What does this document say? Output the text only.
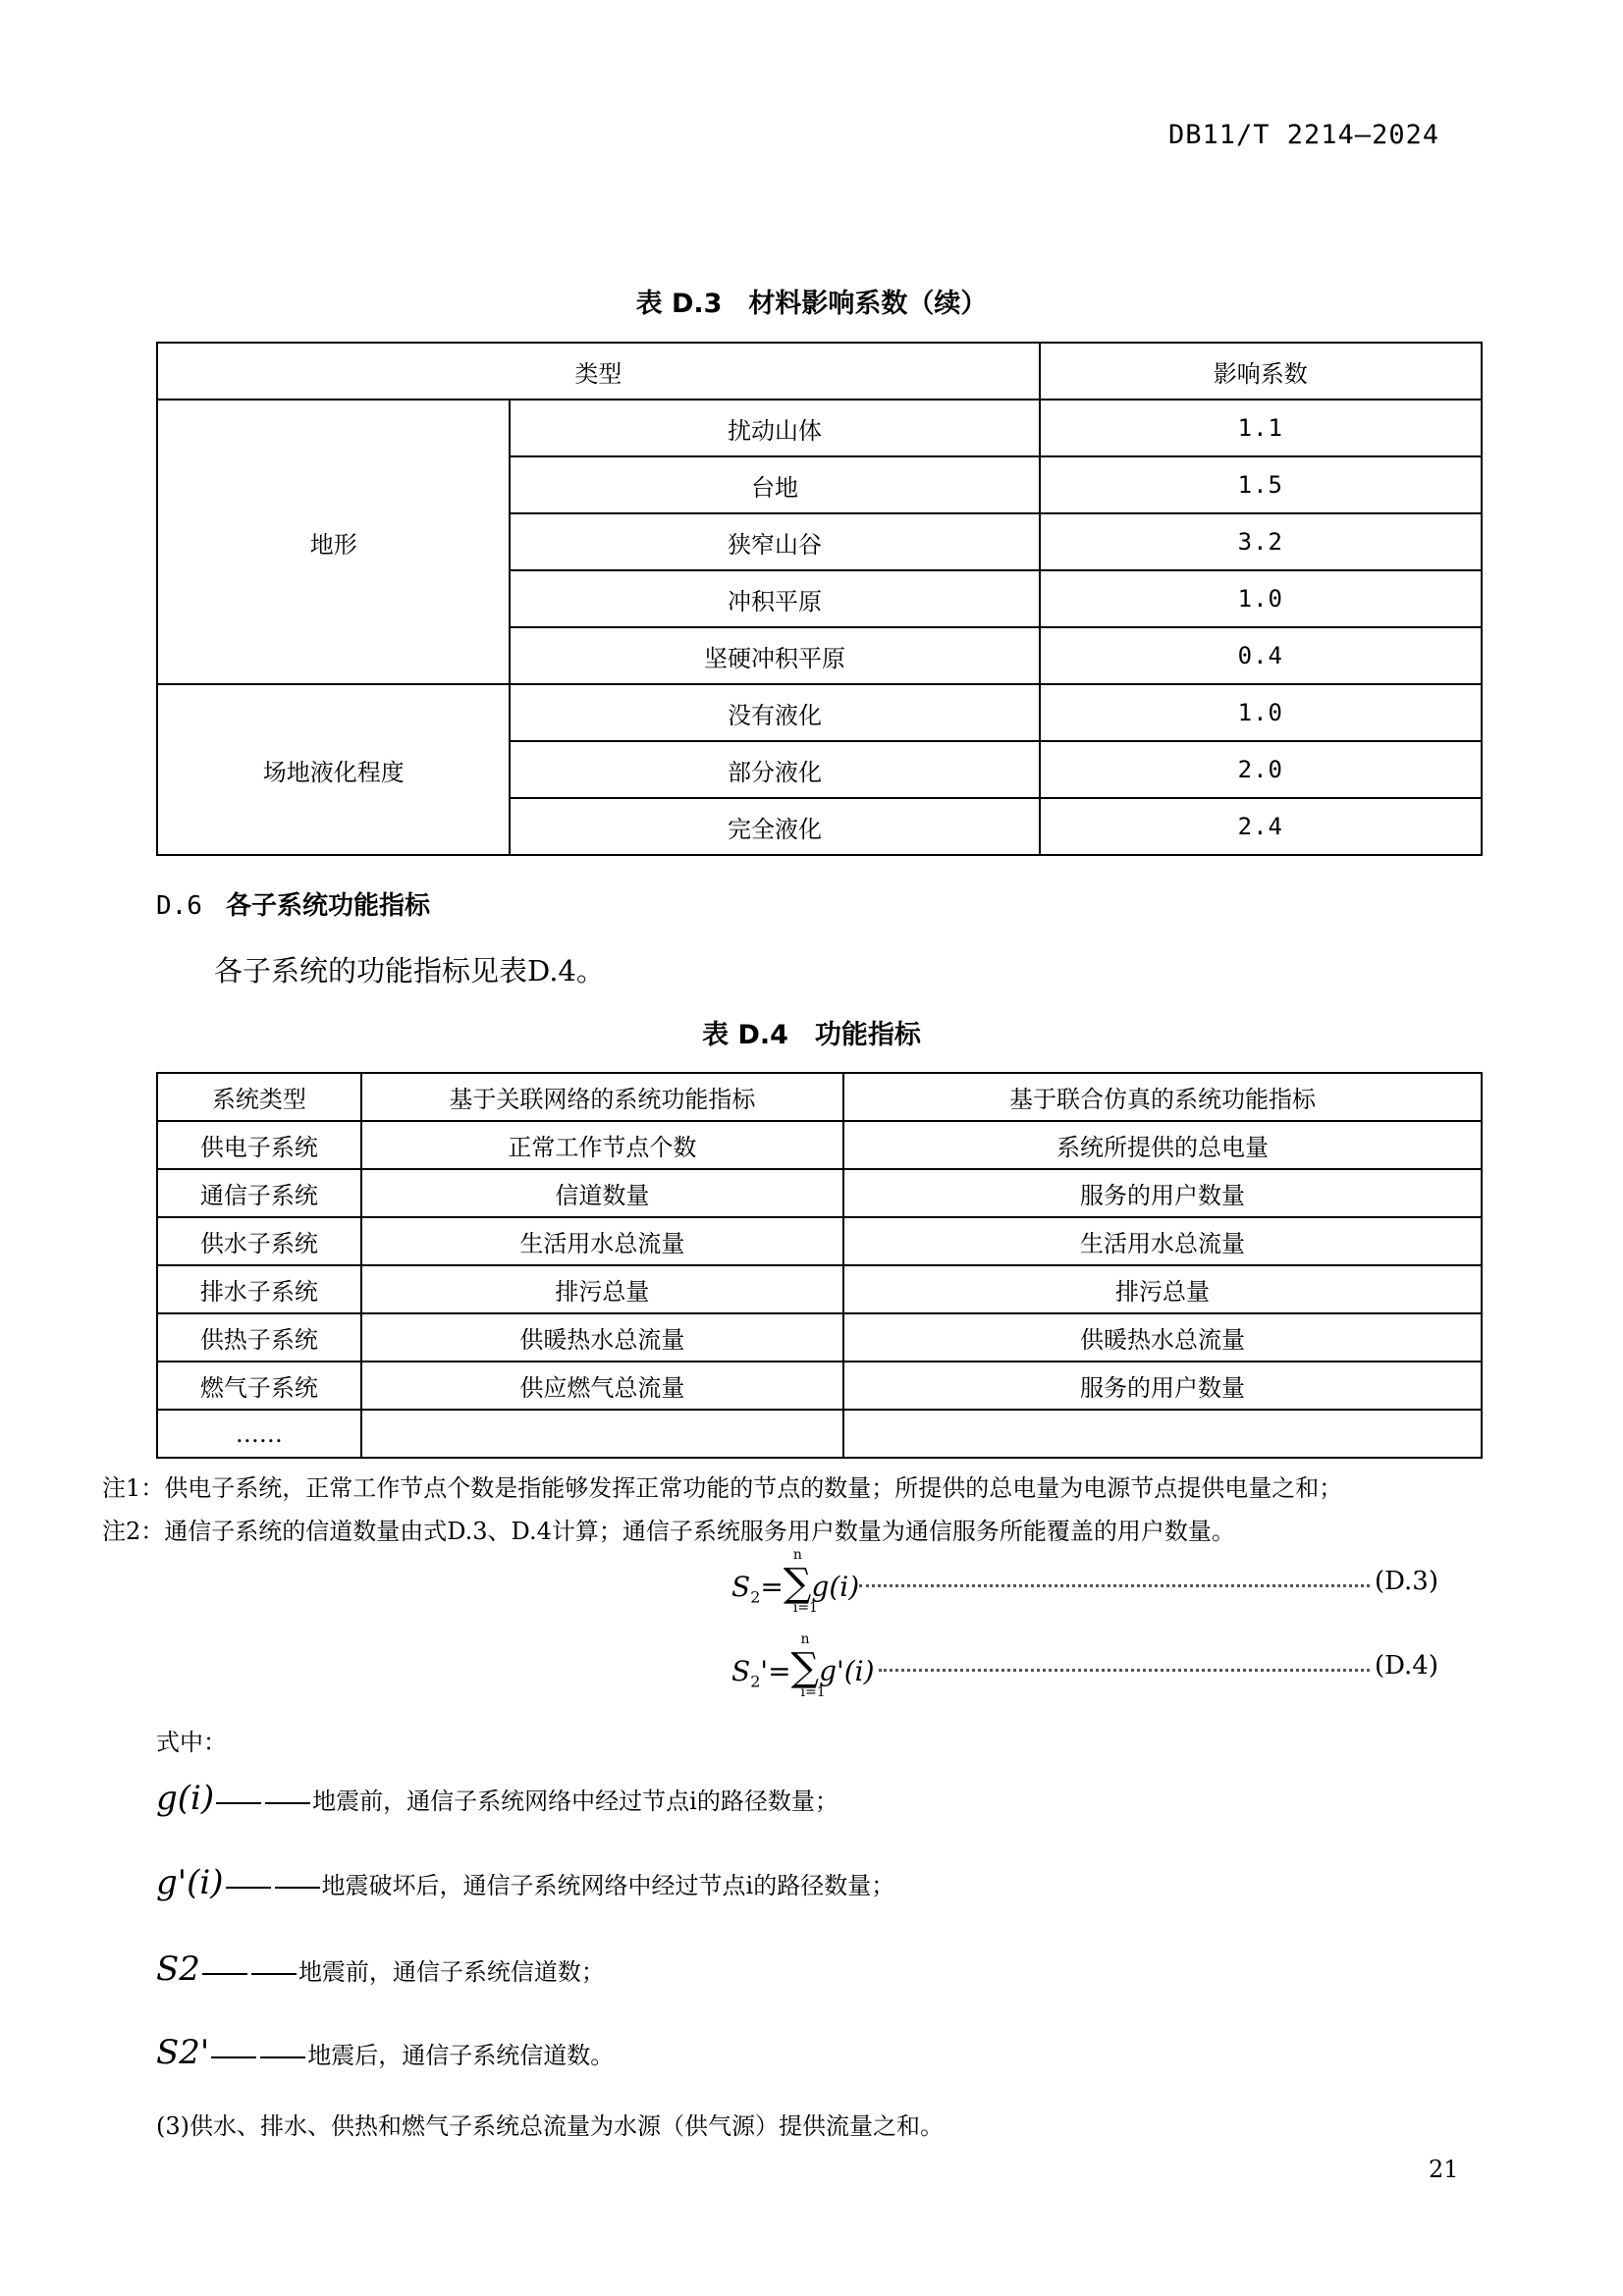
DB11/T 2214—2024
表 D.3　材料影响系数（续）
类型		影响系数
地形	扰动山体	1.1
	台地	1.5
	狭窄山谷	3.2
	冲积平原	1.0
	坚硬冲积平原	0.4
场地液化程度	没有液化	1.0
	部分液化	2.0
	完全液化	2.4
D.6 各子系统功能指标
各子系统的功能指标见表D.4。
表 D.4　功能指标
系统类型	基于关联网络的系统功能指标	基于联合仿真的系统功能指标
供电子系统	正常工作节点个数	系统所提供的总电量
通信子系统	信道数量	服务的用户数量
供水子系统	生活用水总流量	生活用水总流量
排水子系统	排污总量	排污总量
供热子系统	供暖热水总流量	供暖热水总流量
燃气子系统	供应燃气总流量	服务的用户数量
……		
注1：供电子系统，正常工作节点个数是指能够发挥正常功能的节点的数量；所提供的总电量为电源节点提供电量之和；
注2：通信子系统的信道数量由式D.3、D.4计算；通信子系统服务用户数量为通信服务所能覆盖的用户数量。
$S_2=\sum$
n
i=1
g(i)	(D.3)
$S_2'=\sum$
n
i=1
g'(i)	(D.4)
式中：
g(i)	地震前，通信子系统网络中经过节点i的路径数量；
g'(i)	地震破坏后，通信子系统网络中经过节点i的路径数量；
S2	地震前，通信子系统信道数；
S2'	地震后，通信子系统信道数。
(3)供水、排水、供热和燃气子系统总流量为水源（供气源）提供流量之和。
21
